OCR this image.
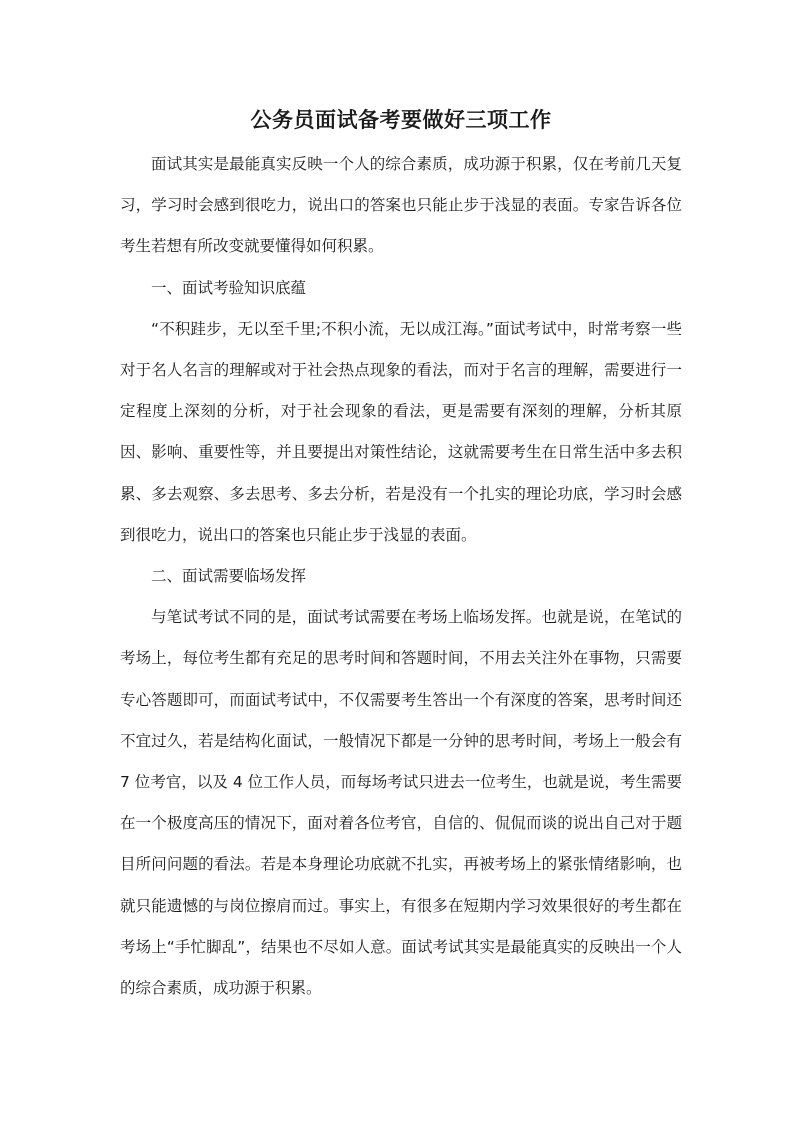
公务员面试备考要做好三项工作

面试其实是最能真实反映一个人的综合素质，成功源于积累，仅在考前几天复习，学习时会感到很吃力，说出口的答案也只能止步于浅显的表面。专家告诉各位考生若想有所改变就要懂得如何积累。

一、面试考验知识底蕴

“不积跬步，无以至千里;不积小流，无以成江海。”面试考试中，时常考察一些对于名人名言的理解或对于社会热点现象的看法，而对于名言的理解，需要进行一定程度上深刻的分析，对于社会现象的看法，更是需要有深刻的理解，分析其原因、影响、重要性等，并且要提出对策性结论，这就需要考生在日常生活中多去积累、多去观察、多去思考、多去分析，若是没有一个扎实的理论功底，学习时会感到很吃力，说出口的答案也只能止步于浅显的表面。

二、面试需要临场发挥

与笔试考试不同的是，面试考试需要在考场上临场发挥。也就是说，在笔试的考场上，每位考生都有充足的思考时间和答题时间，不用去关注外在事物，只需要专心答题即可，而面试考试中，不仅需要考生答出一个有深度的答案，思考时间还不宜过久，若是结构化面试，一般情况下都是一分钟的思考时间，考场上一般会有 7 位考官，以及 4 位工作人员，而每场考试只进去一位考生，也就是说，考生需要在一个极度高压的情况下，面对着各位考官，自信的、侃侃而谈的说出自己对于题目所问问题的看法。若是本身理论功底就不扎实，再被考场上的紧张情绪影响，也就只能遗憾的与岗位擦肩而过。事实上，有很多在短期内学习效果很好的考生都在考场上“手忙脚乱”，结果也不尽如人意。面试考试其实是最能真实的反映出一个人的综合素质，成功源于积累。
